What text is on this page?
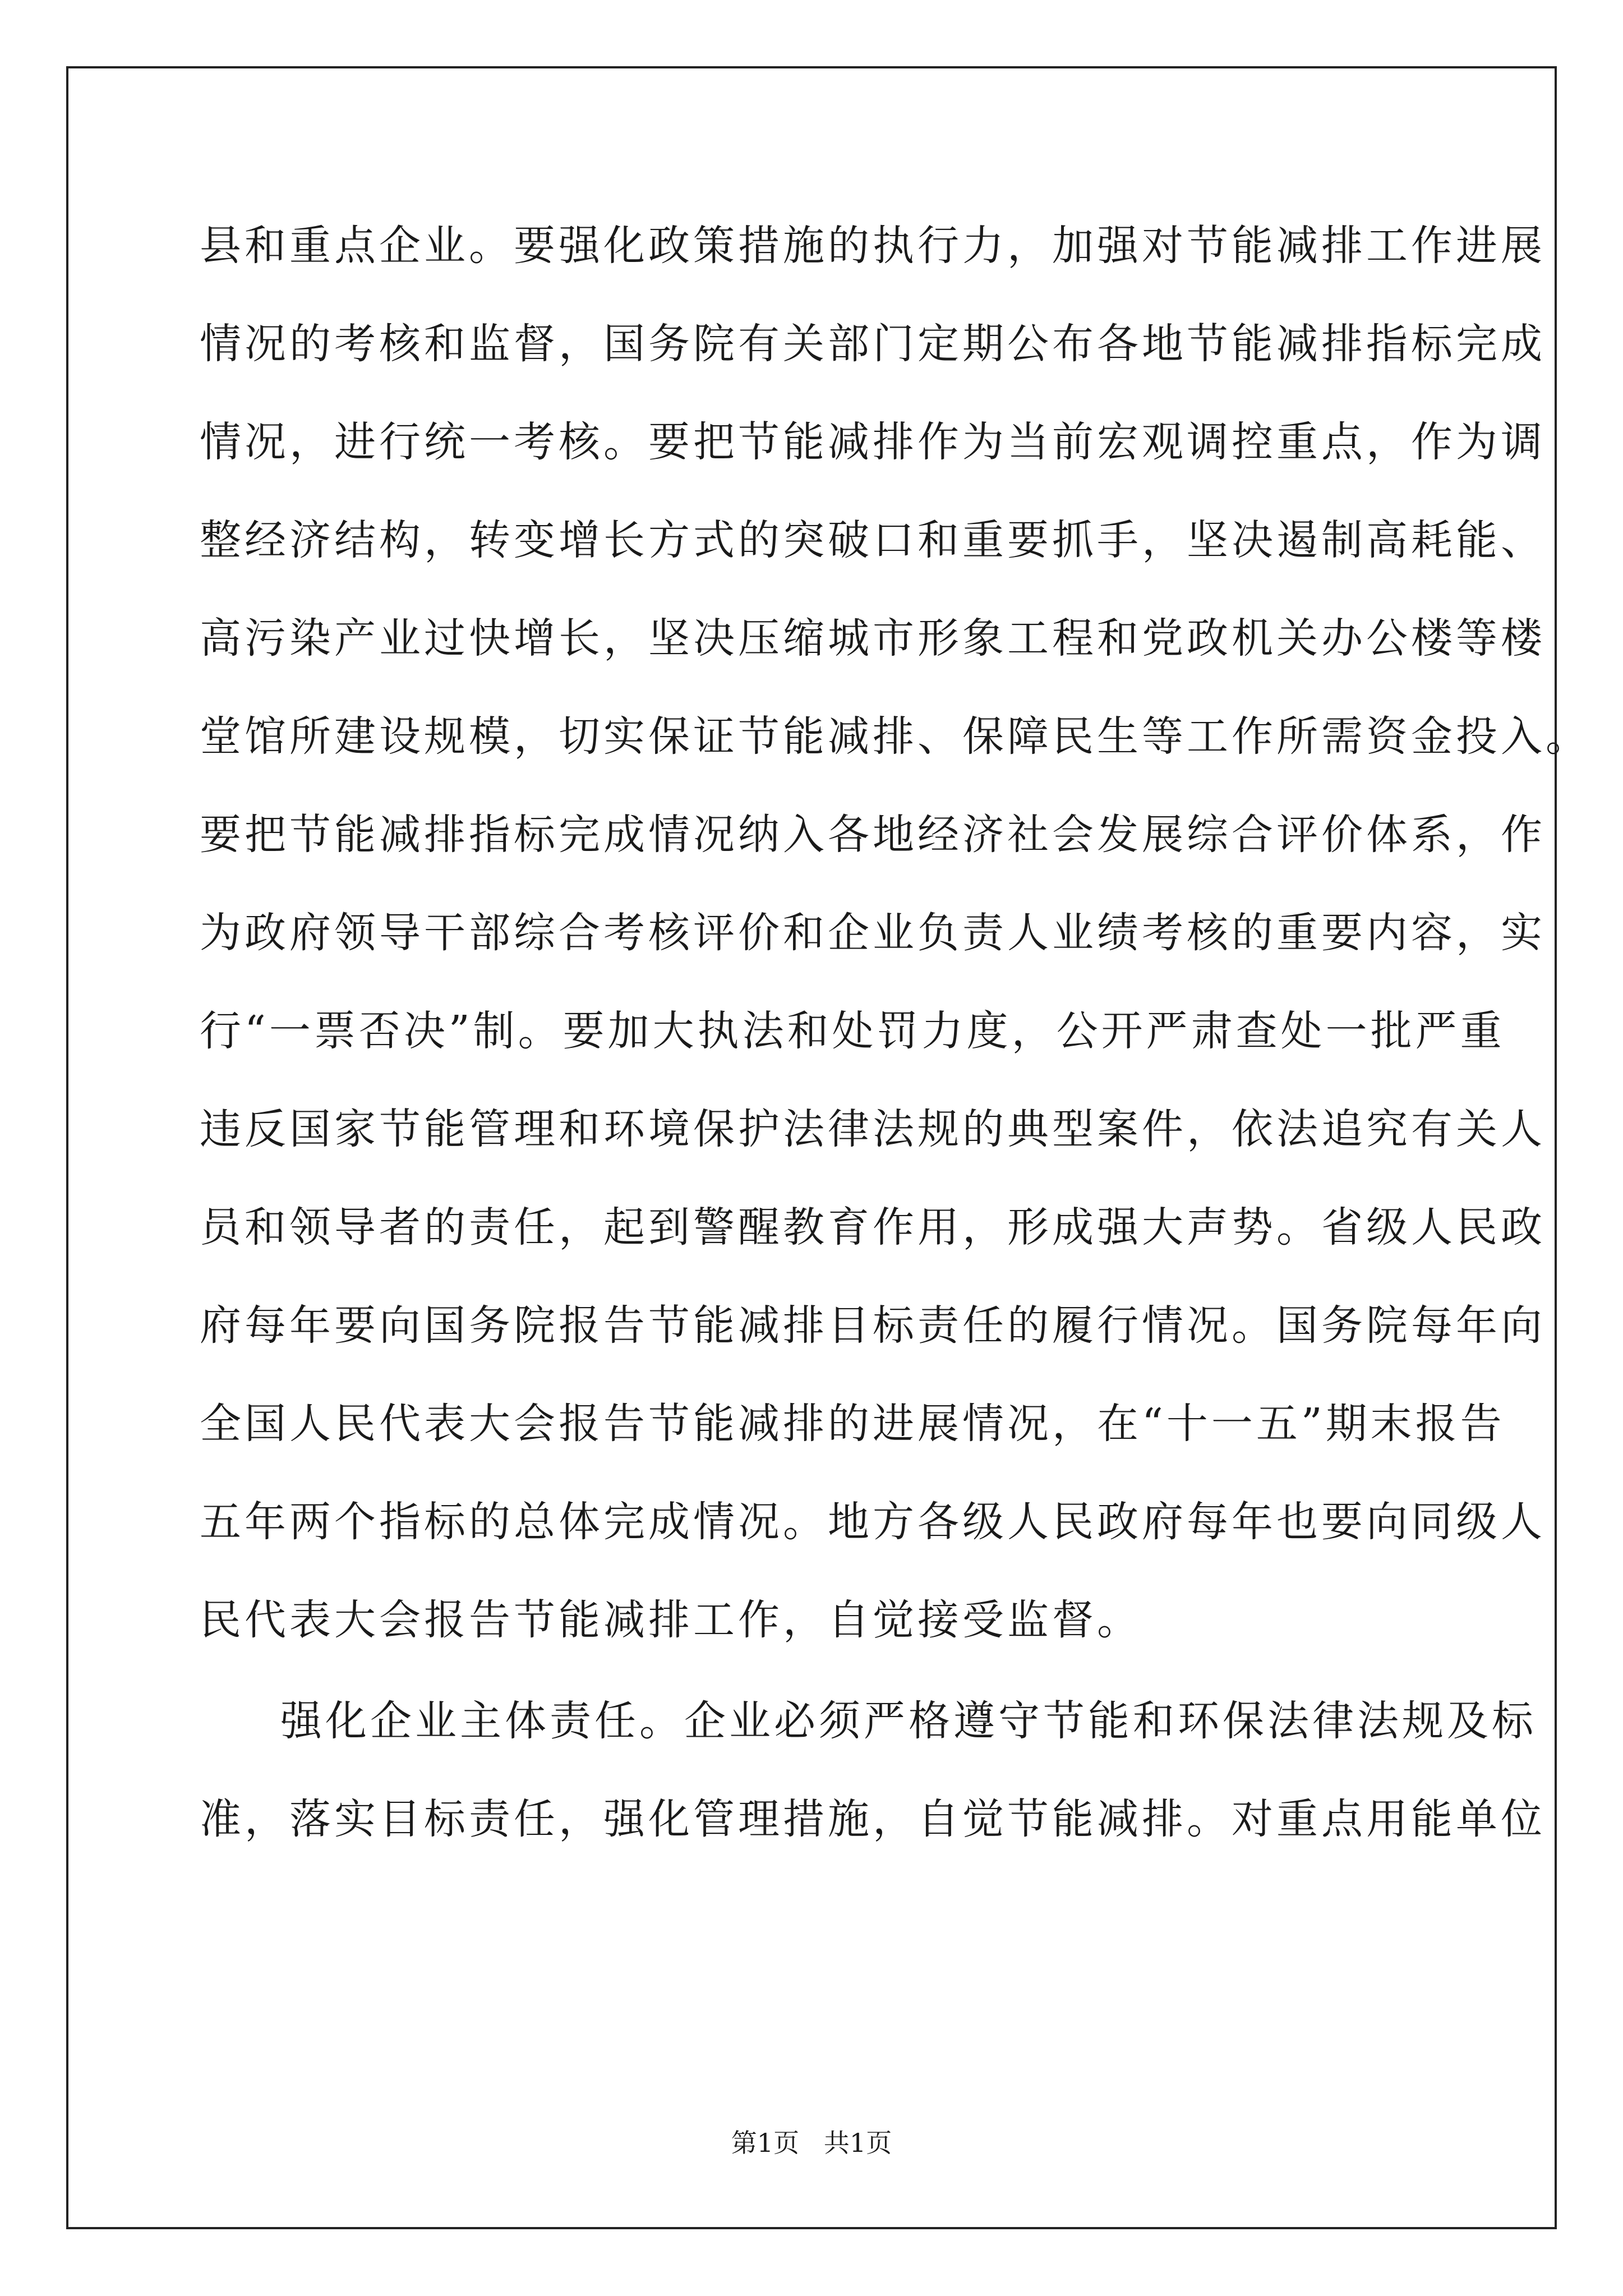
县和重点企业。要强化政策措施的执行力，加强对节能减排工作进展
情况的考核和监督，国务院有关部门定期公布各地节能减排指标完成
情况，进行统一考核。要把节能减排作为当前宏观调控重点，作为调
整经济结构，转变增长方式的突破口和重要抓手，坚决遏制高耗能、
高污染产业过快增长，坚决压缩城市形象工程和党政机关办公楼等楼
堂馆所建设规模，切实保证节能减排、保障民生等工作所需资金投入。
要把节能减排指标完成情况纳入各地经济社会发展综合评价体系，作
为政府领导干部综合考核评价和企业负责人业绩考核的重要内容，实
行“一票否决”制。要加大执法和处罚力度，公开严肃查处一批严重
违反国家节能管理和环境保护法律法规的典型案件，依法追究有关人
员和领导者的责任，起到警醒教育作用，形成强大声势。省级人民政
府每年要向国务院报告节能减排目标责任的履行情况。国务院每年向
全国人民代表大会报告节能减排的进展情况，在“十一五”期末报告
五年两个指标的总体完成情况。地方各级人民政府每年也要向同级人
民代表大会报告节能减排工作，自觉接受监督。
强化企业主体责任。企业必须严格遵守节能和环保法律法规及标
准，落实目标责任，强化管理措施，自觉节能减排。对重点用能单位
第1页   共1页
